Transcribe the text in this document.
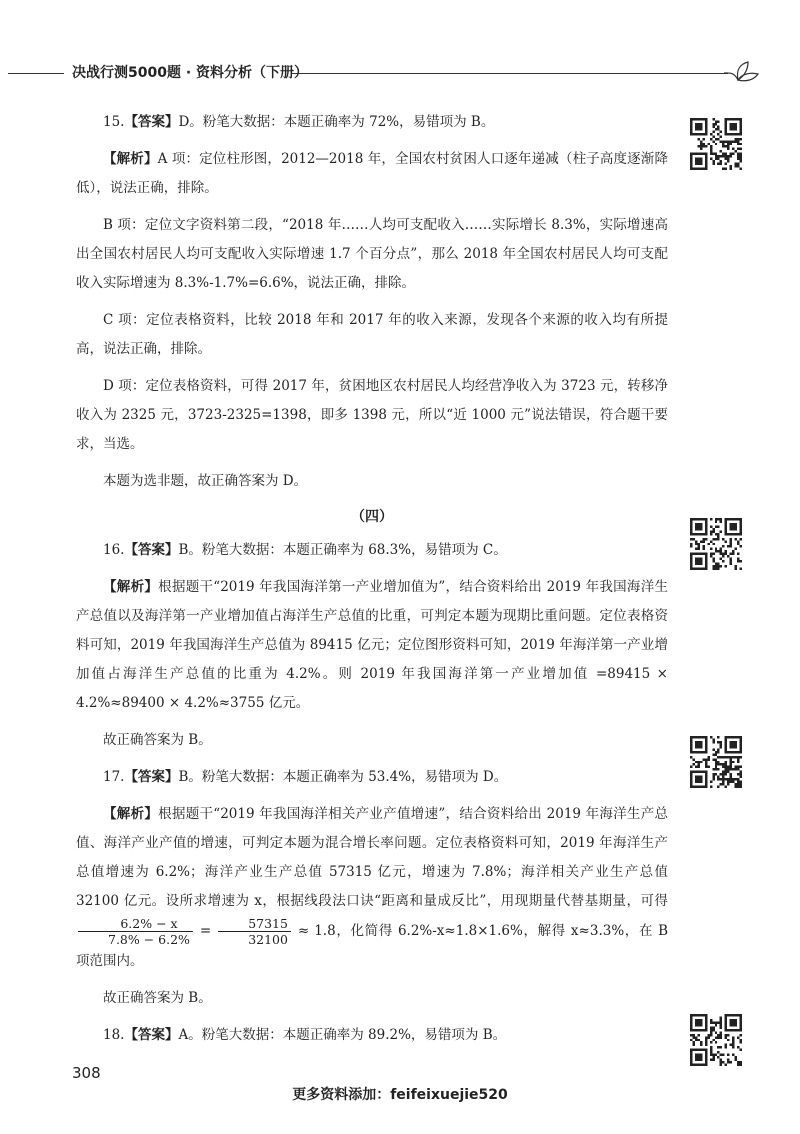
决战行测5000题 · 资料分析（下册）

15.【答案】D。粉笔大数据：本题正确率为 72%，易错项为 B。

【解析】A 项：定位柱形图，2012—2018 年，全国农村贫困人口逐年递减（柱子高度逐渐降低），说法正确，排除。

B 项：定位文字资料第二段，“2018 年……人均可支配收入……实际增长 8.3%，实际增速高出全国农村居民人均可支配收入实际增速 1.7 个百分点”，那么 2018 年全国农村居民人均可支配收入实际增速为 8.3%-1.7%=6.6%，说法正确，排除。

C 项：定位表格资料，比较 2018 年和 2017 年的收入来源，发现各个来源的收入均有所提高，说法正确，排除。

D 项：定位表格资料，可得 2017 年，贫困地区农村居民人均经营净收入为 3723 元，转移净收入为 2325 元，3723-2325=1398，即多 1398 元，所以“近 1000 元”说法错误，符合题干要求，当选。

本题为选非题，故正确答案为 D。

（四）

16.【答案】B。粉笔大数据：本题正确率为 68.3%，易错项为 C。

【解析】根据题干“2019 年我国海洋第一产业增加值为”，结合资料给出 2019 年我国海洋生产总值以及海洋第一产业增加值占海洋生产总值的比重，可判定本题为现期比重问题。定位表格资料可知，2019 年我国海洋生产总值为 89415 亿元；定位图形资料可知，2019 年海洋第一产业增加值占海洋生产总值的比重为 4.2%。则 2019 年我国海洋第一产业增加值 =89415 × 4.2%≈89400 × 4.2%≈3755 亿元。

故正确答案为 B。

17.【答案】B。粉笔大数据：本题正确率为 53.4%，易错项为 D。

【解析】根据题干“2019 年我国海洋相关产业产值增速”，结合资料给出 2019 年海洋生产总值、海洋产业产值的增速，可判定本题为混合增长率问题。定位表格资料可知，2019 年海洋生产总值增速为 6.2%；海洋产业生产总值 57315 亿元，增速为 7.8%；海洋相关产业生产总值 32100 亿元。设所求增速为 x，根据线段法口诀“距离和量成反比”，用现期量代替基期量，可得
$\frac{6.2\% - x}{7.8\% - 6.2\%} = \frac{57315}{32100} \approx 1.8$，化简得 6.2%-x≈1.8×1.6%，解得 x≈3.3%，在 B 项范围内。

故正确答案为 B。

18.【答案】A。粉笔大数据：本题正确率为 89.2%，易错项为 B。

308
更多资料添加：feifeixuejie520
